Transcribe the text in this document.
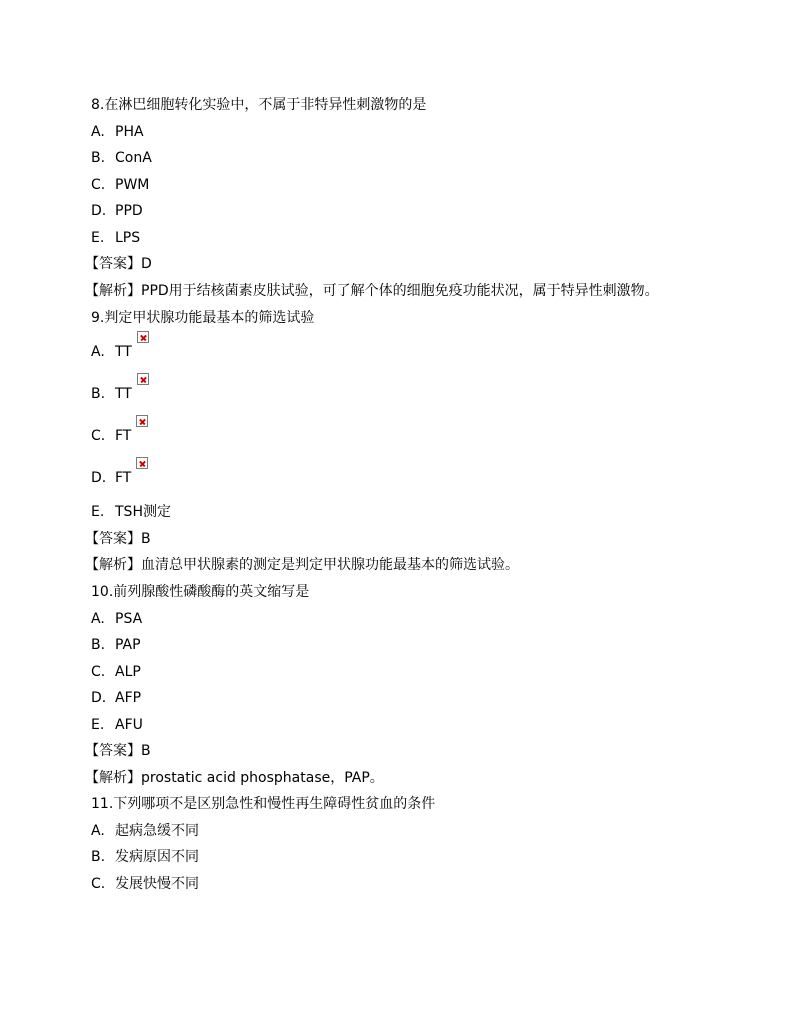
8.在淋巴细胞转化实验中，不属于非特异性刺激物的是
A. PHA
B. ConA
C. PWM
D. PPD
E. LPS
【答案】D
【解析】PPD用于结核菌素皮肤试验，可了解个体的细胞免疫功能状况，属于特异性刺激物。
9.判定甲状腺功能最基本的筛选试验
A. TT
B. TT
C. FT
D. FT
E. TSH测定
【答案】B
【解析】血清总甲状腺素的测定是判定甲状腺功能最基本的筛选试验。
10.前列腺酸性磷酸酶的英文缩写是
A. PSA
B. PAP
C. ALP
D. AFP
E. AFU
【答案】B
【解析】prostatic acid phosphatase，PAP。
11.下列哪项不是区别急性和慢性再生障碍性贫血的条件
A. 起病急缓不同
B. 发病原因不同
C. 发展快慢不同
